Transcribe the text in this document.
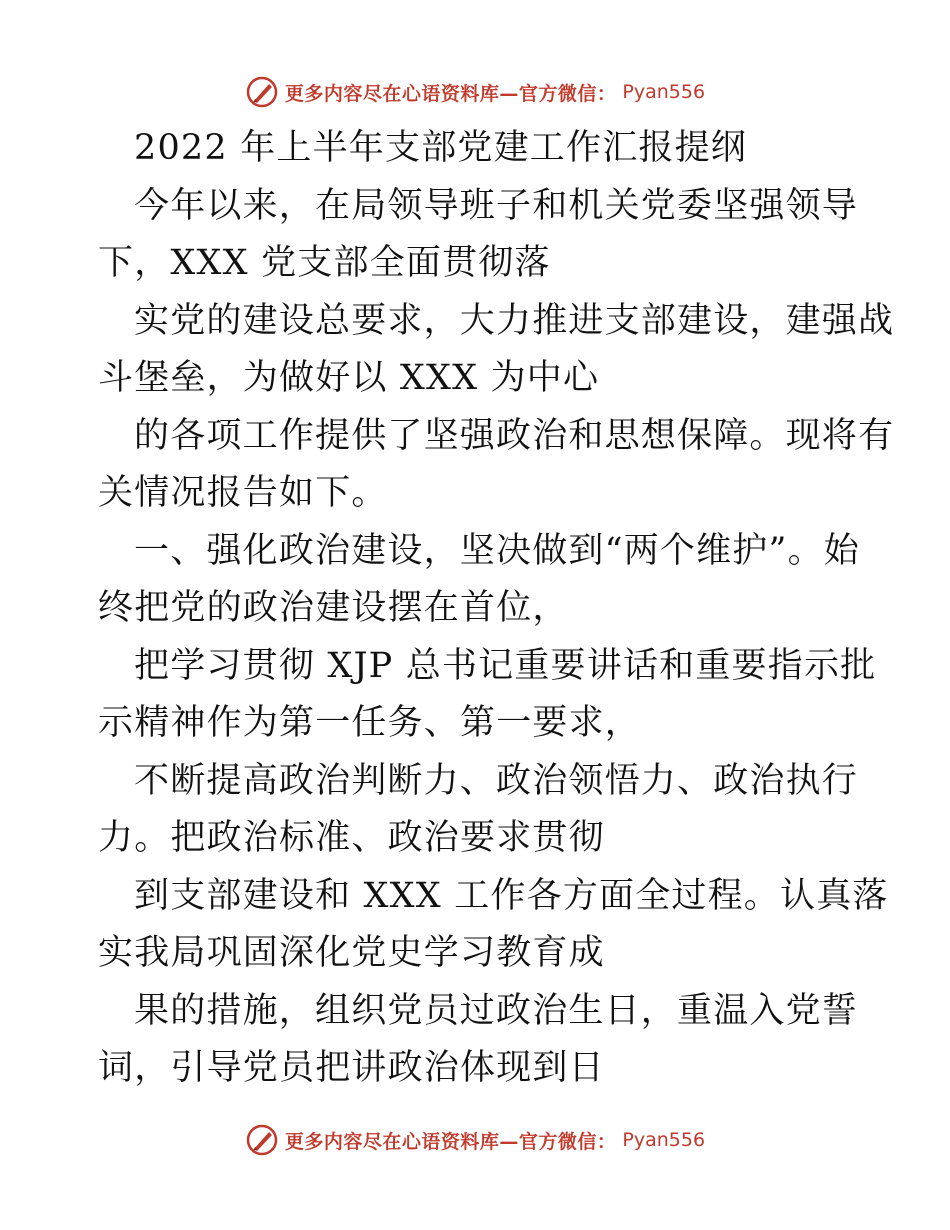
更多内容尽在心语资料库—官方微信： Pyan556

2022 年上半年支部党建工作汇报提纲

今年以来，在局领导班子和机关党委坚强领导
下，XXX 党支部全面贯彻落

实党的建设总要求，大力推进支部建设，建强战
斗堡垒，为做好以 XXX 为中心

的各项工作提供了坚强政治和思想保障。现将有
关情况报告如下。

一、强化政治建设，坚决做到“两个维护”。始
终把党的政治建设摆在首位，

把学习贯彻 XJP 总书记重要讲话和重要指示批
示精神作为第一任务、第一要求，

不断提高政治判断力、政治领悟力、政治执行
力。把政治标准、政治要求贯彻

到支部建设和 XXX 工作各方面全过程。认真落
实我局巩固深化党史学习教育成

果的措施，组织党员过政治生日，重温入党誓
词，引导党员把讲政治体现到日

更多内容尽在心语资料库—官方微信： Pyan556
